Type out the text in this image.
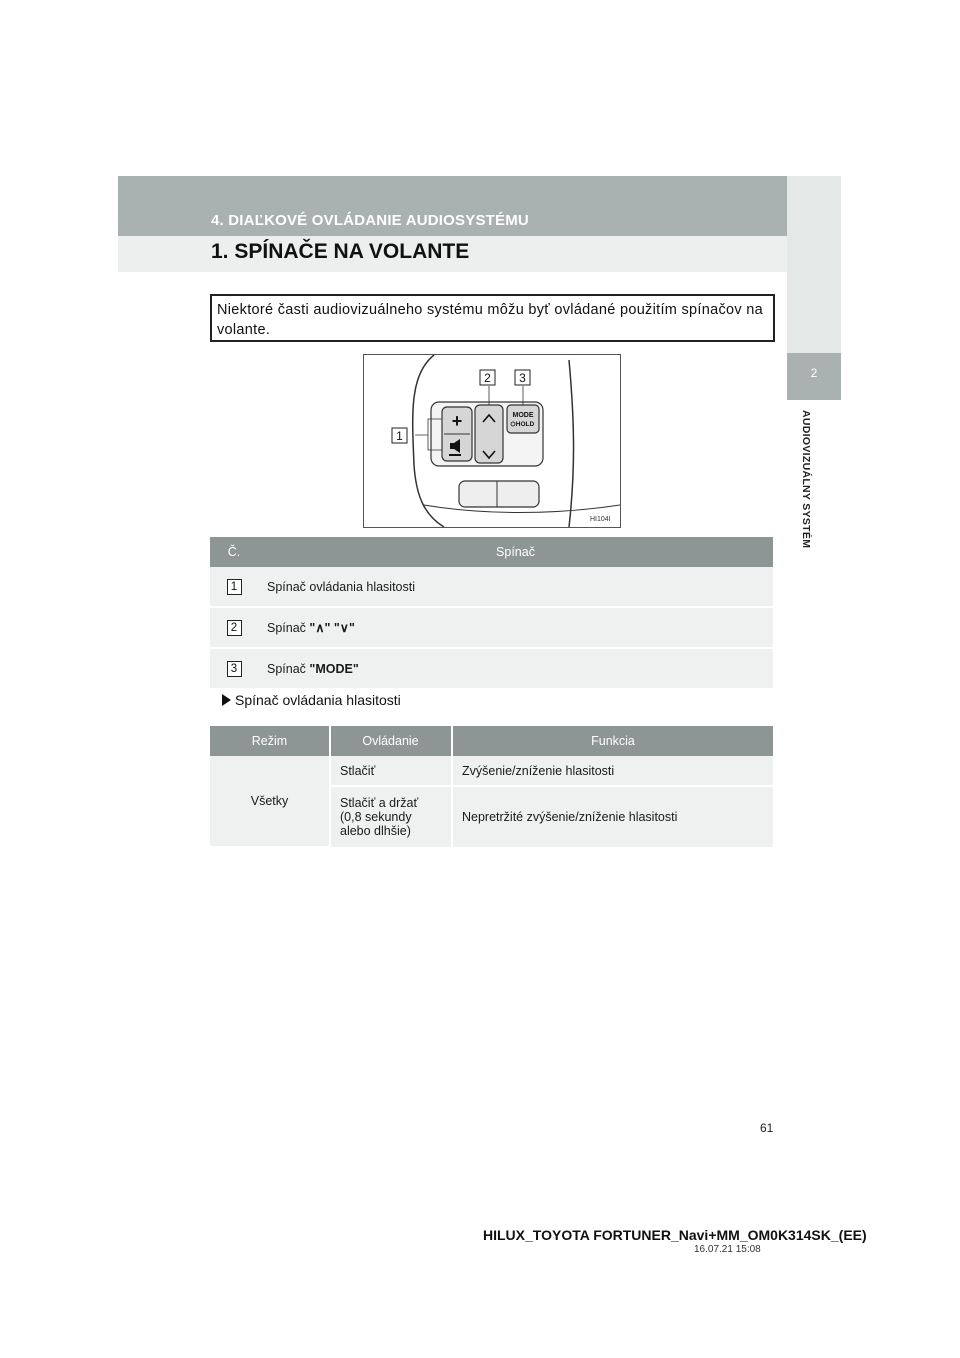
4. DIAĽKOVÉ OVLÁDANIE AUDIOSYSTÉMU
1. SPÍNAČE NA VOLANTE
2
AUDIOVIZUÁLNY SYSTÉM
Niektoré časti audiovizuálneho systému môžu byť ovládané použitím spínačov na volante.
+	MODE
HOLD
1
2 3
HI104I
Č.	Spínač
1	Spínač ovládania hlasitosti
2	Spínač "∧" "∨"
3	Spínač "MODE"
Spínač ovládania hlasitosti
Režim	Ovládanie	Funkcia
Všetky	Stlačiť	Zvýšenie/zníženie hlasitosti

	Stlačiť a držať
(0,8 sekundy
alebo dlhšie)	Nepretržité zvýšenie/zníženie hlasitosti
61
HILUX_TOYOTA FORTUNER_Navi+MM_OM0K314SK_(EE)
16.07.21 15:08
